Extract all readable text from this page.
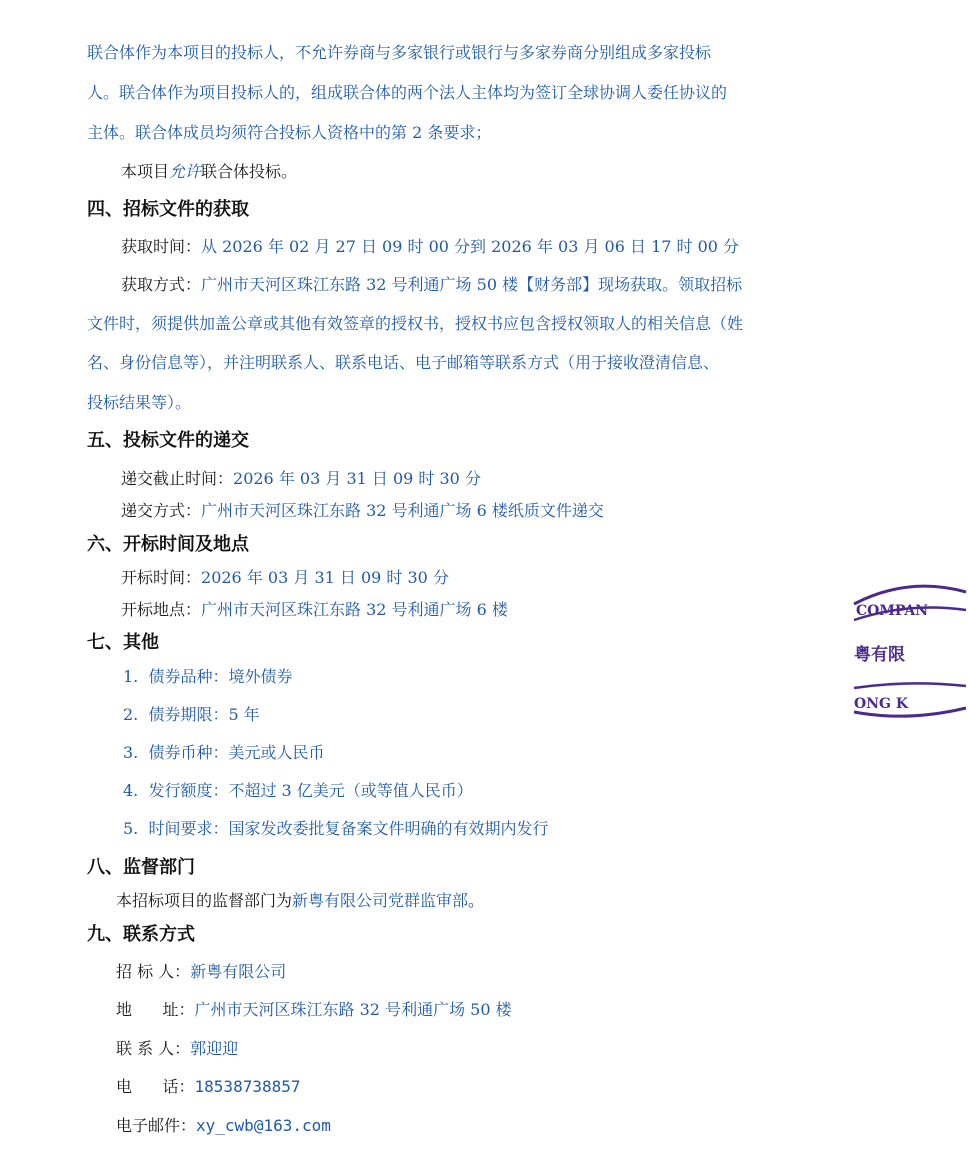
联合体作为本项目的投标人，不允许券商与多家银行或银行与多家券商分别组成多家投标
人。联合体作为项目投标人的，组成联合体的两个法人主体均为签订全球协调人委任协议的
主体。联合体成员均须符合投标人资格中的第 2 条要求；
本项目允许联合体投标。
四、招标文件的获取
获取时间：从 2026 年 02 月 27 日 09 时 00 分到 2026 年 03 月 06 日 17 时 00 分
获取方式：广州市天河区珠江东路 32 号利通广场 50 楼【财务部】现场获取。领取招标
文件时，须提供加盖公章或其他有效签章的授权书，授权书应包含授权领取人的相关信息（姓
名、身份信息等），并注明联系人、联系电话、电子邮箱等联系方式（用于接收澄清信息、
投标结果等）。
五、投标文件的递交
递交截止时间：2026 年 03 月 31 日 09 时 30 分
递交方式：广州市天河区珠江东路 32 号利通广场 6 楼纸质文件递交
六、开标时间及地点
开标时间：2026 年 03 月 31 日 09 时 30 分
开标地点：广州市天河区珠江东路 32 号利通广场 6 楼
七、其他
1. 债券品种：境外债券
2. 债券期限：5 年
3. 债券币种：美元或人民币
4. 发行额度：不超过 3 亿美元（或等值人民币）
5. 时间要求：国家发改委批复备案文件明确的有效期内发行
八、监督部门
本招标项目的监督部门为新粤有限公司党群监审部。
九、联系方式
招 标 人：新粤有限公司
地      址：广州市天河区珠江东路 32 号利通广场 50 楼
联 系 人：郭迎迎
电      话：18538738857
电子邮件：xy_cwb@163.com
COMPAN
粤有限
ONG K
